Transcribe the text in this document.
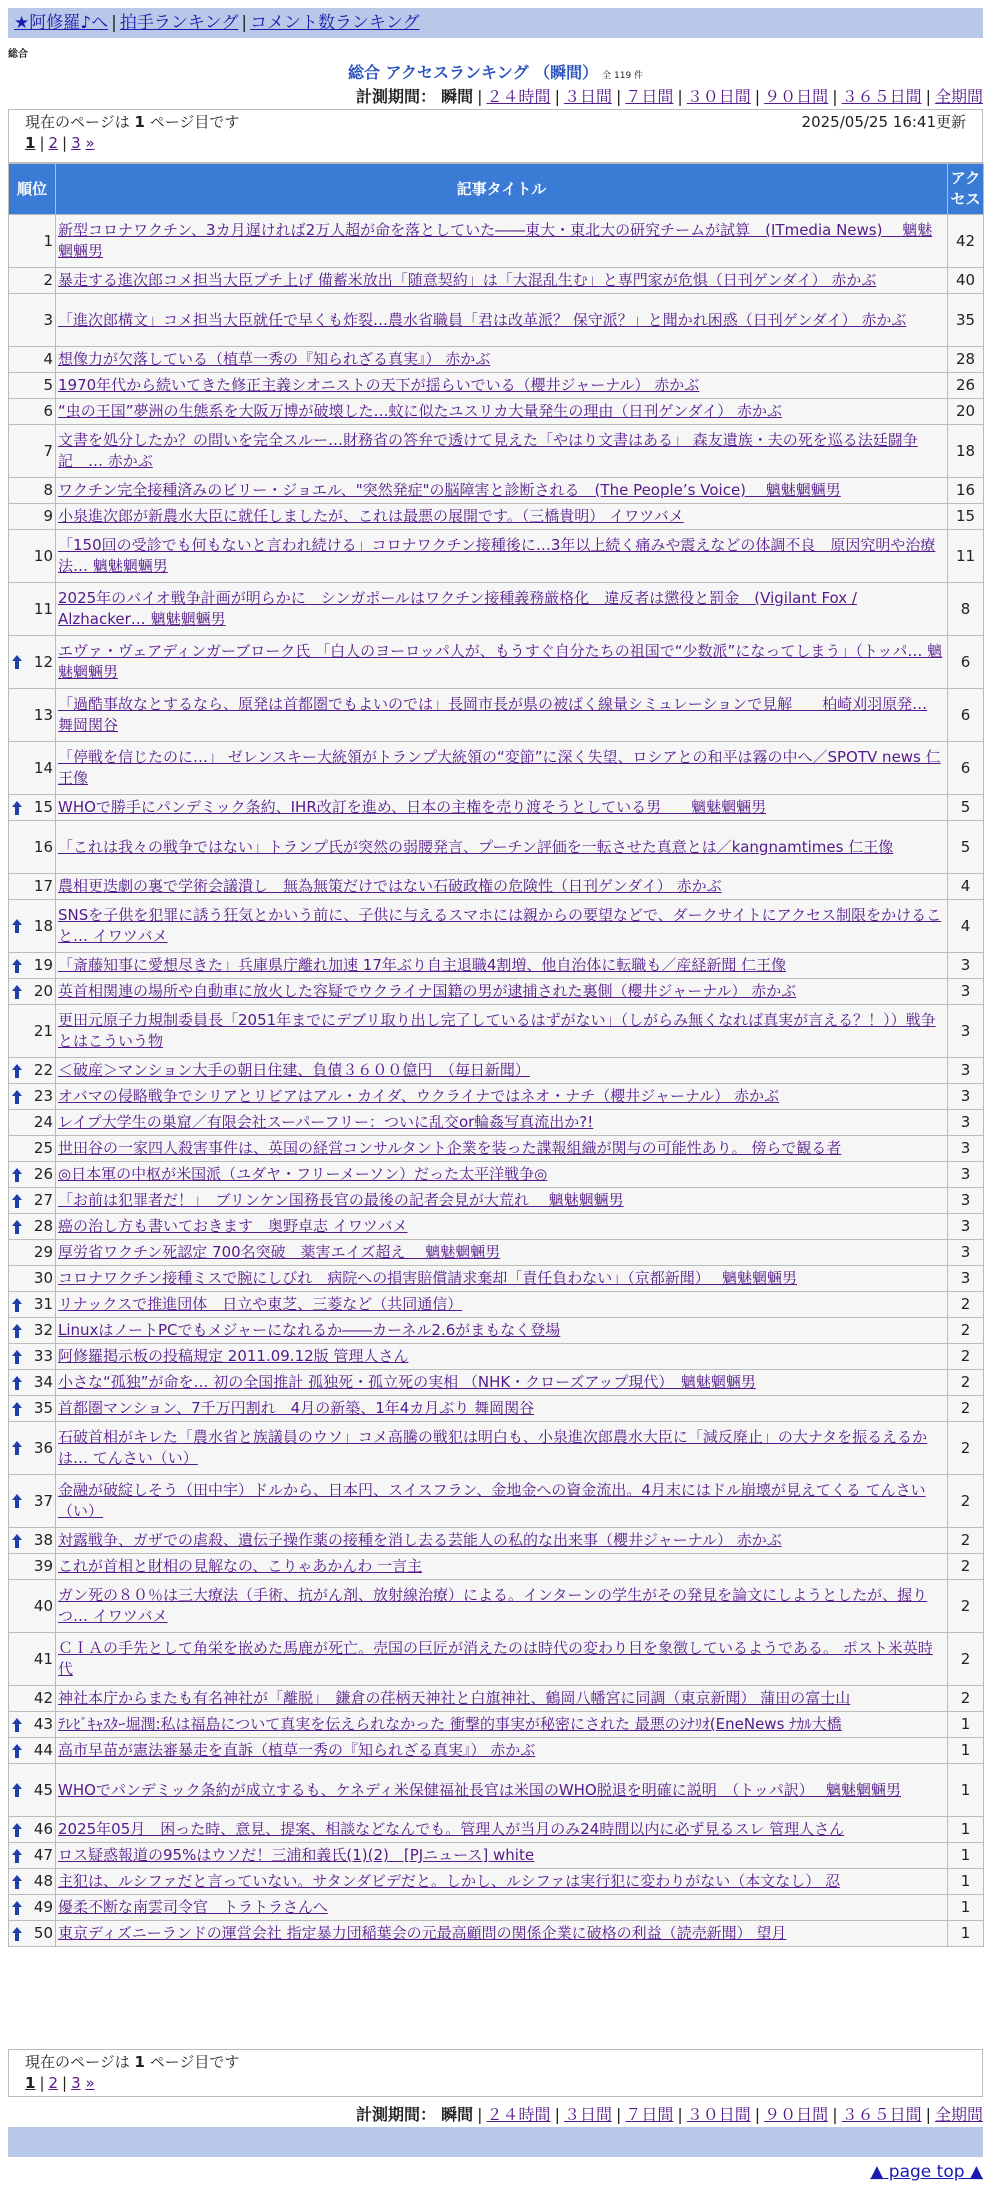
★阿修羅♪へ | 拍手ランキング | コメント数ランキング
総合
総合 アクセスランキング （瞬間） 全 119 件
計測期間： 瞬間 | ２４時間 | ３日間 | ７日間 | ３０日間 | ９０日間 | ３６５日間 | 全期間
現在のページは 1 ページ目です	2025/05/25 16:41更新
1 | 2 | 3 »
順位	記事タイトル	アクセス
1	新型コロナワクチン、3カ月遅ければ2万人超が命を落としていた――東大・東北大の研究チームが試算　(ITmedia News)　 魑魅魍魎男	42
2	暴走する進次郎コメ担当大臣プチ上げ 備蓄米放出「随意契約」は「大混乱生む」と専門家が危惧（日刊ゲンダイ） 赤かぶ	40
3	「進次郎構文」コメ担当大臣就任で早くも炸裂…農水省職員「君は改革派？ 保守派？」と聞かれ困惑（日刊ゲンダイ） 赤かぶ	35
4	想像力が欠落している（植草一秀の『知られざる真実』） 赤かぶ	28
5	1970年代から続いてきた修正主義シオニストの天下が揺らいでいる（櫻井ジャーナル） 赤かぶ	26
6	“虫の王国”夢洲の生態系を大阪万博が破壊した…蚊に似たユスリカ大量発生の理由（日刊ゲンダイ） 赤かぶ	20
7	文書を処分したか？の問いを完全スルー…財務省の答弁で透けて見えた「やはり文書はある」 森友遺族・夫の死を巡る法廷闘争記　… 赤かぶ	18
8	ワクチン完全接種済みのビリー・ジョエル、"突然発症"の脳障害と診断される　(The People’s Voice)　 魑魅魍魎男	16
9	小泉進次郎が新農水大臣に就任しましたが、これは最悪の展開です。（三橋貴明） イワツバメ	15
10	「150回の受診でも何もないと言われ続ける」コロナワクチン接種後に…3年以上続く痛みや震えなどの体調不良　原因究明や治療法… 魑魅魍魎男	11
11	2025年のバイオ戦争計画が明らかに　シンガポールはワクチン接種義務厳格化　違反者は懲役と罰金　(Vigilant Fox / Alzhacker… 魑魅魍魎男	8

12	エヴァ・ヴェアディンガーブローク氏 「白人のヨーロッパ人が、もうすぐ自分たちの祖国で“少数派”になってしまう」（トッパ… 魑魅魍魎男	6
13	「過酷事故なとするなら、原発は首都圏でもよいのでは」長岡市長が県の被ばく線量シミュレーションで見解　　柏崎刈羽原発… 舞岡関谷	6
14	「停戦を信じたのに…」 ゼレンスキー大統領がトランプ大統領の“変節”に深く失望、ロシアとの和平は霧の中へ／SPOTV news 仁王像	6

15	WHOで勝手にパンデミック条約、IHR改訂を進め、日本の主権を売り渡そうとしている男　　魑魅魍魎男	5
16	「これは我々の戦争ではない」トランプ氏が突然の弱腰発言、プーチン評価を一転させた真意とは／kangnamtimes 仁王像	5
17	農相更迭劇の裏で学術会議潰し　無為無策だけではない石破政権の危険性（日刊ゲンダイ） 赤かぶ	4

18	SNSを子供を犯罪に誘う狂気とかいう前に、子供に与えるスマホには親からの要望などで、ダークサイトにアクセス制限をかけること… イワツバメ	4

19	「斎藤知事に愛想尽きた」兵庫県庁離れ加速 17年ぶり自主退職4割増、他自治体に転職も／産経新聞 仁王像	3

20	英首相関連の場所や自動車に放火した容疑でウクライナ国籍の男が逮捕された裏側（櫻井ジャーナル） 赤かぶ	3
21	更田元原子力規制委員長「2051年までにデブリ取り出し完了しているはずがない」（しがらみ無くなれば真実が言える？！））戦争とはこういう物	3

22	＜破産＞マンション大手の朝日住建、負債３６００億円　（毎日新聞）	3

23	オバマの侵略戦争でシリアとリビアはアル・カイダ、ウクライナではネオ・ナチ（櫻井ジャーナル） 赤かぶ	3
24	レイプ大学生の巣窟／有限会社スーパーフリー：ついに乱交or輪姦写真流出か?!	3
25	世田谷の一家四人殺害事件は、英国の経営コンサルタント企業を装った諜報組織が関与の可能性あり。 傍らで観る者	3

26	◎日本軍の中枢が米国派（ユダヤ・フリーメーソン）だった太平洋戦争◎	3

27	「お前は犯罪者だ！」　ブリンケン国務長官の最後の記者会見が大荒れ　 魑魅魍魎男	3

28	癌の治し方も書いておきます　奥野卓志 イワツバメ	3
29	厚労省ワクチン死認定 700名突破　薬害エイズ超え　 魑魅魍魎男	3
30	コロナワクチン接種ミスで腕にしびれ　病院への損害賠償請求棄却「責任負わない」（京都新聞）　 魑魅魍魎男	3

31	リナックスで推進団体　日立や東芝、三菱など（共同通信）	2

32	LinuxはノートPCでもメジャーになれるか――カーネル2.6がまもなく登場	2

33	阿修羅掲示板の投稿規定 2011.09.12版 管理人さん	2

34	小さな“孤独”が命を… 初の全国推計 孤独死・孤立死の実相 （NHK・クローズアップ現代）　魑魅魍魎男	2

35	首都圏マンション、7千万円割れ　4月の新築、1年4カ月ぶり 舞岡関谷	2

36	石破首相がキレた「農水省と族議員のウソ」コメ高騰の戦犯は明白も、小泉進次郎農水大臣に「減反廃止」の大ナタを振るえるかは… てんさい（い）	2

37	金融が破綻しそう（田中宇）ドルから、日本円、スイスフラン、金地金への資金流出。4月末にはドル崩壊が見えてくる てんさい（い）	2

38	対露戦争、ガザでの虐殺、遺伝子操作薬の接種を消し去る芸能人の私的な出来事（櫻井ジャーナル） 赤かぶ	2
39	これが首相と財相の見解なの、こりゃあかんわ 一言主	2
40	ガン死の８０％は三大療法（手術、抗がん剤、放射線治療）による。インターンの学生がその発見を論文にしようとしたが、握りつ… イワツバメ	2
41	ＣＩＡの手先として角栄を嵌めた馬鹿が死亡。売国の巨匠が消えたのは時代の変わり目を象徴しているようである。 ポスト米英時代	2
42	神社本庁からまたも有名神社が「離脱」　鎌倉の荏柄天神社と白旗神社、鶴岡八幡宮に同調（東京新聞） 蒲田の富士山	2

43	ﾃﾚﾋﾞｷｬｽﾀｰ堀潤:私は福島について真実を伝えられなかった 衝撃的事実が秘密にされた 最悪のｼﾅﾘｵ(EneNews ﾅｶﾙ大橋	1

44	高市早苗が憲法審暴走を直訴（植草一秀の『知られざる真実』） 赤かぶ	1

45	WHOでパンデミック条約が成立するも、ケネディ米保健福祉長官は米国のWHO脱退を明確に説明　（トッパ訳）　 魑魅魍魎男	1

46	2025年05月　困った時、意見、提案、相談などなんでも。管理人が当月のみ24時間以内に必ず見るスレ 管理人さん	1

47	ロス疑惑報道の95%はウソだ！三浦和義氏(1)(2)　[PJニュース] white	1

48	主犯は、ルシファだと言っていない。サタンダビデだと。しかし、ルシファは実行犯に変わりがない（本文なし） 忍	1

49	優柔不断な南雲司令官　トラトラさんへ	1

50	東京ディズニーランドの運営会社 指定暴力団稲葉会の元最高顧問の関係企業に破格の利益（読売新聞） 望月	1
現在のページは 1 ページ目です
1 | 2 | 3 »
計測期間： 瞬間 | ２４時間 | ３日間 | ７日間 | ３０日間 | ９０日間 | ３６５日間 | 全期間
▲ page top ▲
